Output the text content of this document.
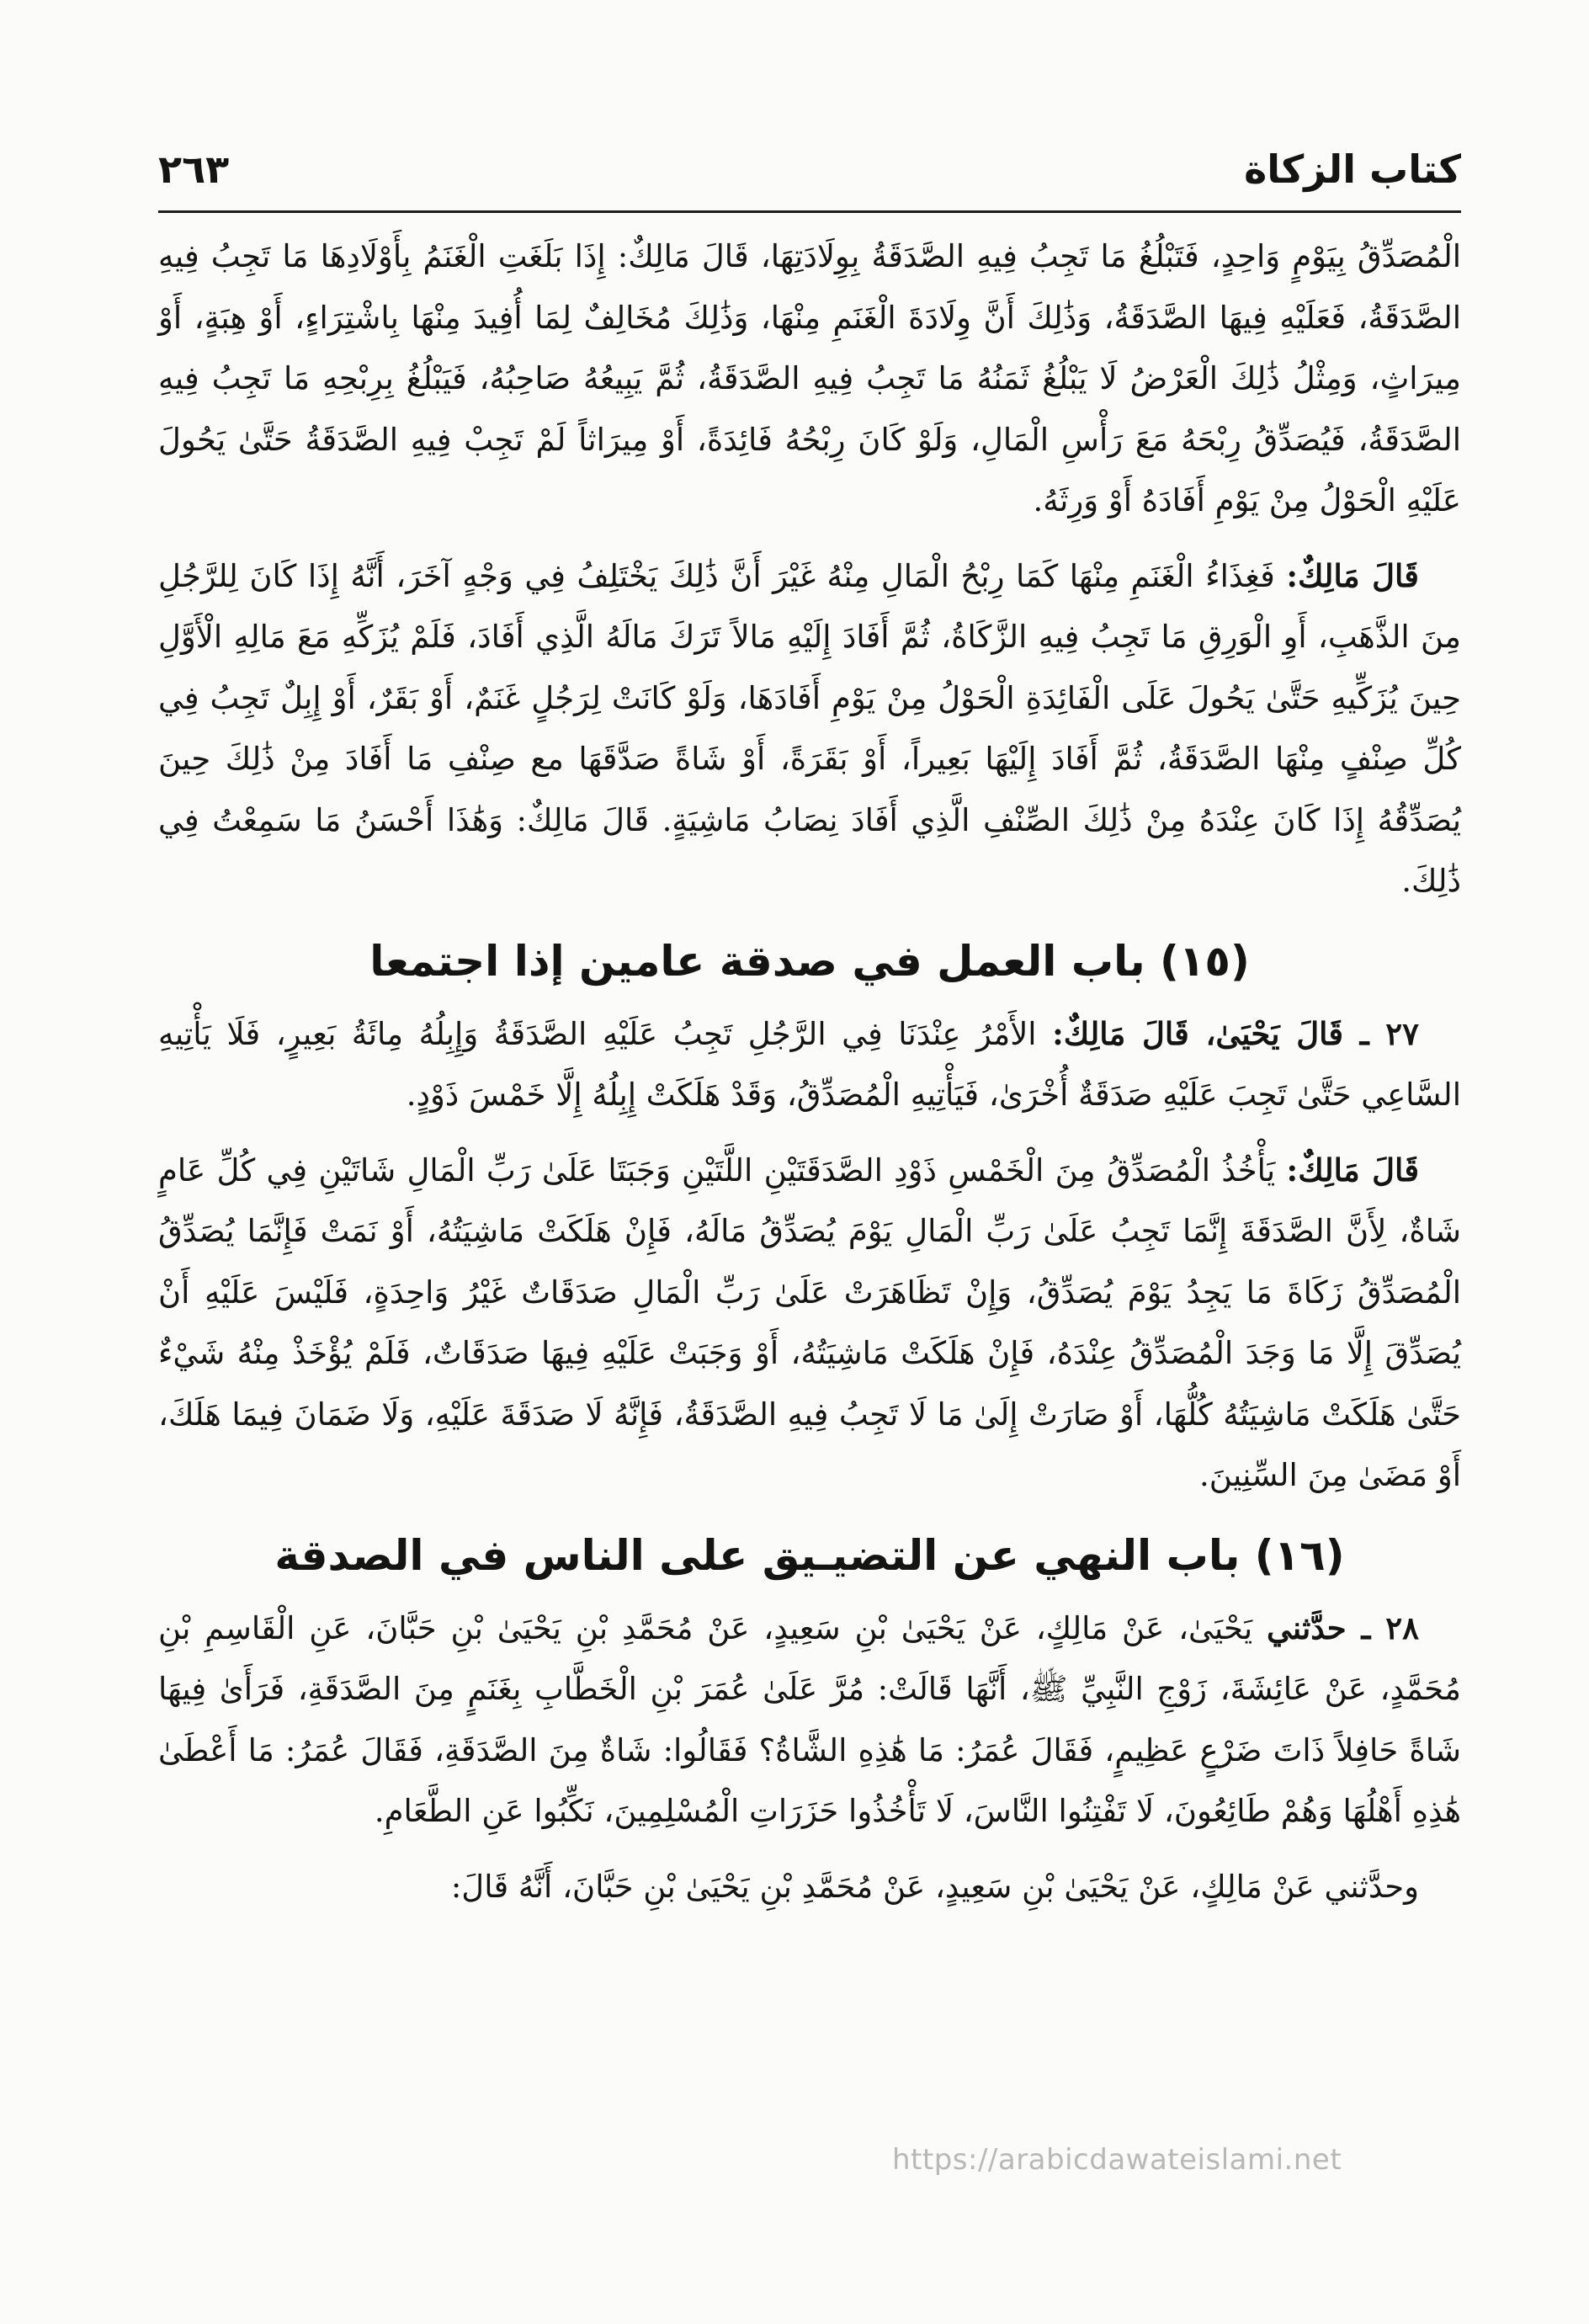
كتاب الزكاة
٢٦٣

الْمُصَدِّقُ بِيَوْمٍ وَاحِدٍ، فَتَبْلُغُ مَا تَجِبُ فِيهِ الصَّدَقَةُ بِوِلَادَتِهَا، قَالَ مَالِكٌ: إِذَا بَلَغَتِ الْغَنَمُ بِأَوْلَادِهَا مَا تَجِبُ فِيهِ الصَّدَقَةُ، فَعَلَيْهِ فِيهَا الصَّدَقَةُ، وَذَٰلِكَ أَنَّ وِلَادَةَ الْغَنَمِ مِنْهَا، وَذَٰلِكَ مُخَالِفٌ لِمَا أُفِيدَ مِنْهَا بِاشْتِرَاءٍ، أَوْ هِبَةٍ، أَوْ مِيرَاثٍ، وَمِثْلُ ذَٰلِكَ الْعَرْضُ لَا يَبْلُغُ ثَمَنُهُ مَا تَجِبُ فِيهِ الصَّدَقَةُ، ثُمَّ يَبِيعُهُ صَاحِبُهُ، فَيَبْلُغُ بِرِبْحِهِ مَا تَجِبُ فِيهِ الصَّدَقَةُ، فَيُصَدِّقُ رِبْحَهُ مَعَ رَأْسِ الْمَالِ، وَلَوْ كَانَ رِبْحُهُ فَائِدَةً، أَوْ مِيرَاثاً لَمْ تَجِبْ فِيهِ الصَّدَقَةُ حَتَّىٰ يَحُولَ عَلَيْهِ الْحَوْلُ مِنْ يَوْمِ أَفَادَهُ أَوْ وَرِثَهُ.

قَالَ مَالِكٌ: فَغِذَاءُ الْغَنَمِ مِنْهَا كَمَا رِبْحُ الْمَالِ مِنْهُ غَيْرَ أَنَّ ذَٰلِكَ يَخْتَلِفُ فِي وَجْهٍ آخَرَ، أَنَّهُ إِذَا كَانَ لِلرَّجُلِ مِنَ الذَّهَبِ، أَوِ الْوَرِقِ مَا تَجِبُ فِيهِ الزَّكَاةُ، ثُمَّ أَفَادَ إِلَيْهِ مَالاً تَرَكَ مَالَهُ الَّذِي أَفَادَ، فَلَمْ يُزَكِّهِ مَعَ مَالِهِ الْأَوَّلِ حِينَ يُزَكِّيهِ حَتَّىٰ يَحُولَ عَلَى الْفَائِدَةِ الْحَوْلُ مِنْ يَوْمِ أَفَادَهَا، وَلَوْ كَانَتْ لِرَجُلٍ غَنَمٌ، أَوْ بَقَرٌ، أَوْ إِبِلٌ تَجِبُ فِي كُلِّ صِنْفٍ مِنْهَا الصَّدَقَةُ، ثُمَّ أَفَادَ إِلَيْهَا بَعِيراً، أَوْ بَقَرَةً، أَوْ شَاةً صَدَّقَهَا مع صِنْفِ مَا أَفَادَ مِنْ ذَٰلِكَ حِينَ يُصَدِّقُهُ إِذَا كَانَ عِنْدَهُ مِنْ ذَٰلِكَ الصِّنْفِ الَّذِي أَفَادَ نِصَابُ مَاشِيَةٍ. قَالَ مَالِكٌ: وَهَٰذَا أَحْسَنُ مَا سَمِعْتُ فِي ذَٰلِكَ.

(١٥) باب العمل في صدقة عامين إذا اجتمعا

٢٧ ـ قَالَ يَحْيَىٰ، قَالَ مَالِكٌ: الأَمْرُ عِنْدَنَا فِي الرَّجُلِ تَجِبُ عَلَيْهِ الصَّدَقَةُ وَإِبِلُهُ مِائَةُ بَعِيرٍ، فَلَا يَأْتِيهِ السَّاعِي حَتَّىٰ تَجِبَ عَلَيْهِ صَدَقَةٌ أُخْرَىٰ، فَيَأْتِيهِ الْمُصَدِّقُ، وَقَدْ هَلَكَتْ إِبِلُهُ إِلَّا خَمْسَ ذَوْدٍ.

قَالَ مَالِكٌ: يَأْخُذُ الْمُصَدِّقُ مِنَ الْخَمْسِ ذَوْدِ الصَّدَقَتَيْنِ اللَّتَيْنِ وَجَبَتَا عَلَىٰ رَبِّ الْمَالِ شَاتَيْنِ فِي كُلِّ عَامٍ شَاةٌ، لِأَنَّ الصَّدَقَةَ إِنَّمَا تَجِبُ عَلَىٰ رَبِّ الْمَالِ يَوْمَ يُصَدِّقُ مَالَهُ، فَإِنْ هَلَكَتْ مَاشِيَتُهُ، أَوْ نَمَتْ فَإِنَّمَا يُصَدِّقُ الْمُصَدِّقُ زَكَاةَ مَا يَجِدُ يَوْمَ يُصَدِّقُ، وَإِنْ تَظَاهَرَتْ عَلَىٰ رَبِّ الْمَالِ صَدَقَاتٌ غَيْرُ وَاحِدَةٍ، فَلَيْسَ عَلَيْهِ أَنْ يُصَدِّقَ إِلَّا مَا وَجَدَ الْمُصَدِّقُ عِنْدَهُ، فَإِنْ هَلَكَتْ مَاشِيَتُهُ، أَوْ وَجَبَتْ عَلَيْهِ فِيهَا صَدَقَاتٌ، فَلَمْ يُؤْخَذْ مِنْهُ شَيْءٌ حَتَّىٰ هَلَكَتْ مَاشِيَتُهُ كُلُّهَا، أَوْ صَارَتْ إِلَىٰ مَا لَا تَجِبُ فِيهِ الصَّدَقَةُ، فَإِنَّهُ لَا صَدَقَةَ عَلَيْهِ، وَلَا ضَمَانَ فِيمَا هَلَكَ، أَوْ مَضَىٰ مِنَ السِّنِينَ.

(١٦) باب النهي عن التضيـيق على الناس في الصدقة

٢٨ ـ حدَّثني يَحْيَىٰ، عَنْ مَالِكٍ، عَنْ يَحْيَىٰ بْنِ سَعِيدٍ، عَنْ مُحَمَّدِ بْنِ يَحْيَىٰ بْنِ حَبَّانَ، عَنِ الْقَاسِمِ بْنِ مُحَمَّدٍ، عَنْ عَائِشَةَ، زَوْجِ النَّبِيِّ ﷺ، أَنَّهَا قَالَتْ: مُرَّ عَلَىٰ عُمَرَ بْنِ الْخَطَّابِ بِغَنَمٍ مِنَ الصَّدَقَةِ، فَرَأَىٰ فِيهَا شَاةً حَافِلاً ذَاتَ ضَرْعٍ عَظِيمٍ، فَقَالَ عُمَرُ: مَا هَٰذِهِ الشَّاةُ؟ فَقَالُوا: شَاةٌ مِنَ الصَّدَقَةِ، فَقَالَ عُمَرُ: مَا أَعْطَىٰ هَٰذِهِ أَهْلُهَا وَهُمْ طَائِعُونَ، لَا تَفْتِنُوا النَّاسَ، لَا تَأْخُذُوا حَزَرَاتِ الْمُسْلِمِينَ، نَكِّبُوا عَنِ الطَّعَامِ.

وحدَّثني عَنْ مَالِكٍ، عَنْ يَحْيَىٰ بْنِ سَعِيدٍ، عَنْ مُحَمَّدِ بْنِ يَحْيَىٰ بْنِ حَبَّانَ، أَنَّهُ قَالَ:

https://arabicdawateislami.net
